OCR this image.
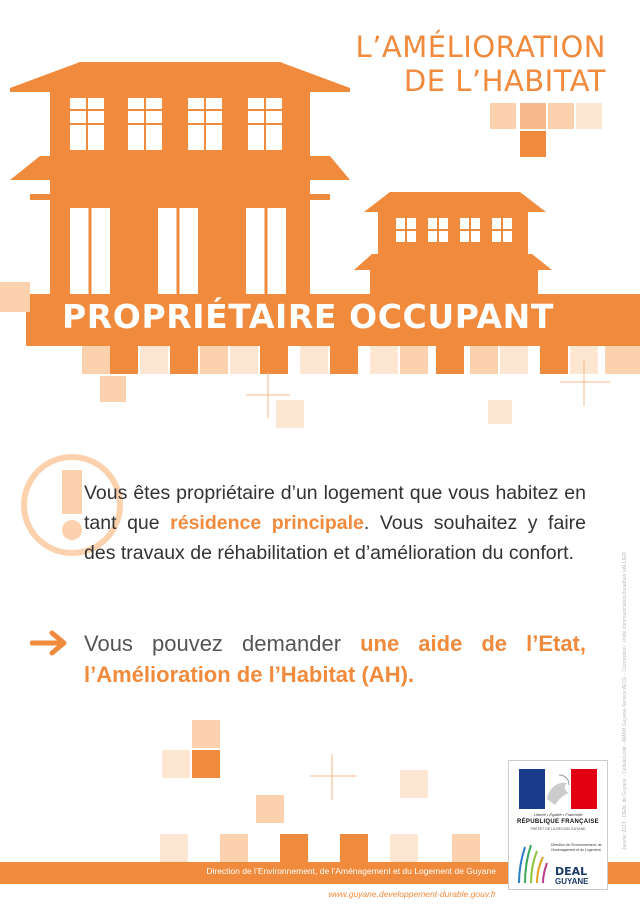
L’AMÉLIORATION
DE L’HABITAT
PROPRIÉTAIRE OCCUPANT
Vous êtes propriétaire d’un logement que vous habitez en tant que résidence principale. Vous souhaitez y faire des travaux de réhabilitation et d’amélioration du confort.
Vous pouvez demander une aide de l’Etat, l’Amélioration de l’Habitat (AH).	Janvier 2013 - DEAL de Guyane - Cellule/unité - AMAH Guyane-Service AUCL - Conception : Unité communication/Jonathan VALLIER
Direction de l’Environnement, de l’Aménagement et du Logement de Guyane
www.guyane.developpement-durable.gouv.fr
Liberté • Égalité • Fraternité
RÉPUBLIQUE FRANÇAISE
PRÉFET DE LA RÉGION GUYANE
Direction de l’Environnement, de l’Aménagement et du Logement
DEAL
GUYANE
